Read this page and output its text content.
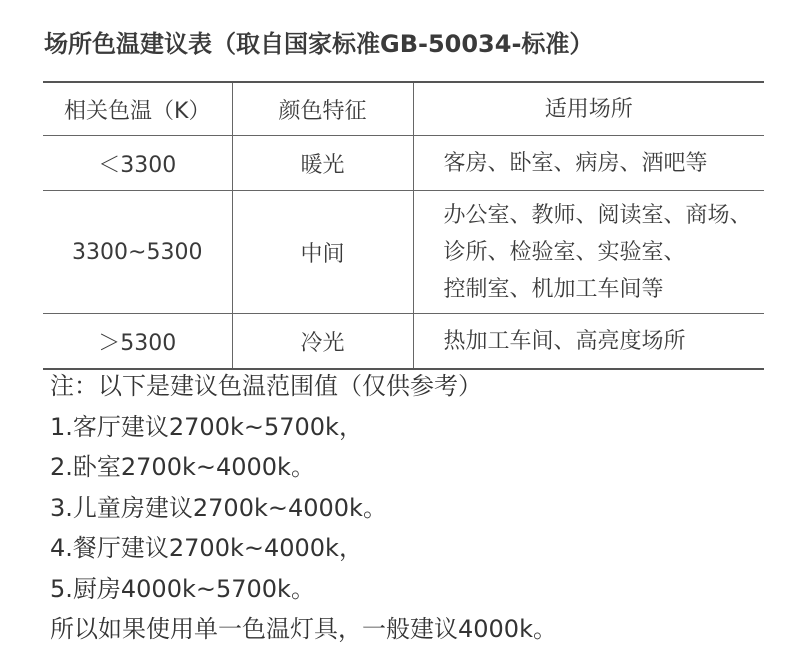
场所色温建议表（取自国家标准GB-50034-标准）
相关色温（K）	颜色特征	适用场所
＜3300	暖光	客房、卧室、病房、酒吧等

3300~5300	中间	办公室、教师、阅读室、商场、
诊所、检验室、实验室、
控制室、机加工车间等

＞5300	冷光	热加工车间、高亮度场所
注：以下是建议色温范围值（仅供参考）
1.客厅建议2700k~5700k，
2.卧室2700k~4000k。
3.儿童房建议2700k~4000k。
4.餐厅建议2700k~4000k，
5.厨房4000k~5700k。
所以如果使用单一色温灯具，一般建议4000k。
